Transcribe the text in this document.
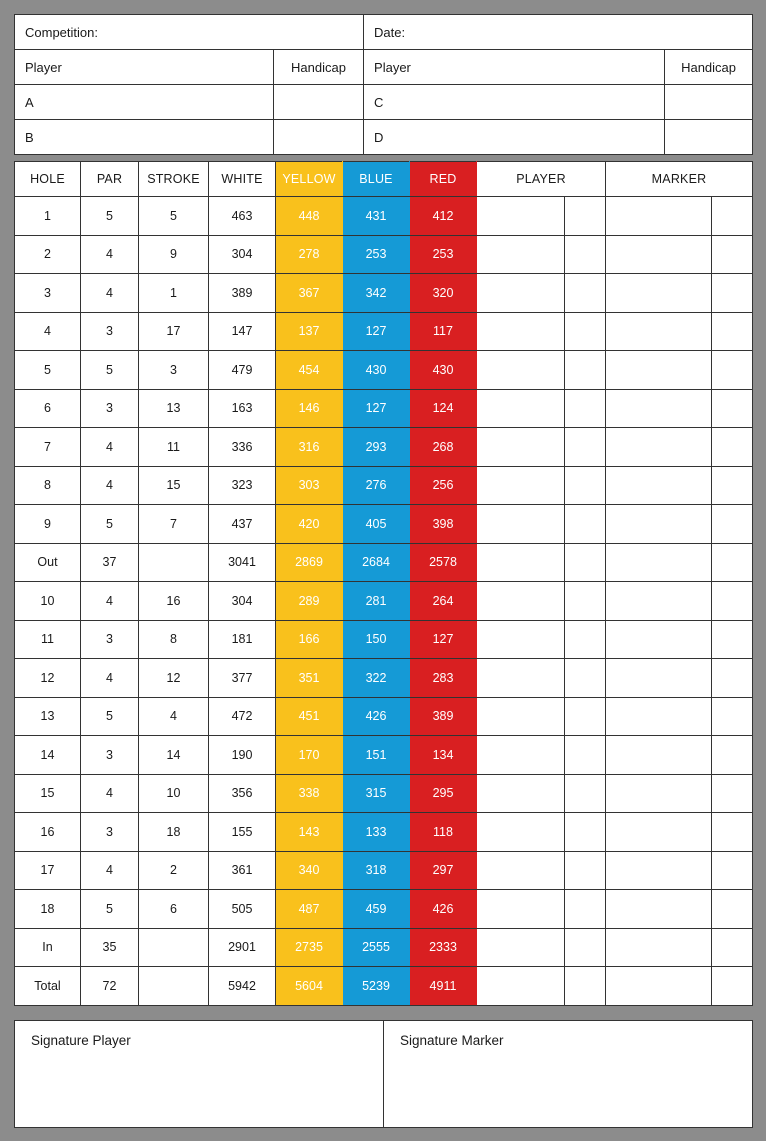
Competition:		Date:	
Player	Handicap	Player	Handicap
A		C	
B		D	
HOLE	PAR	STROKE	WHITE	YELLOW	BLUE	RED	PLAYER		MARKER	
1	5	5	463	448	431	412				
2	4	9	304	278	253	253				
3	4	1	389	367	342	320				
4	3	17	147	137	127	117				
5	5	3	479	454	430	430				
6	3	13	163	146	127	124				
7	4	11	336	316	293	268				
8	4	15	323	303	276	256				
9	5	7	437	420	405	398				
Out	37		3041	2869	2684	2578				
10	4	16	304	289	281	264				
11	3	8	181	166	150	127				
12	4	12	377	351	322	283				
13	5	4	472	451	426	389				
14	3	14	190	170	151	134				
15	4	10	356	338	315	295				
16	3	18	155	143	133	118				
17	4	2	361	340	318	297				
18	5	6	505	487	459	426				
In	35		2901	2735	2555	2333				
Total	72		5942	5604	5239	4911				
Signature Player	Signature Marker
